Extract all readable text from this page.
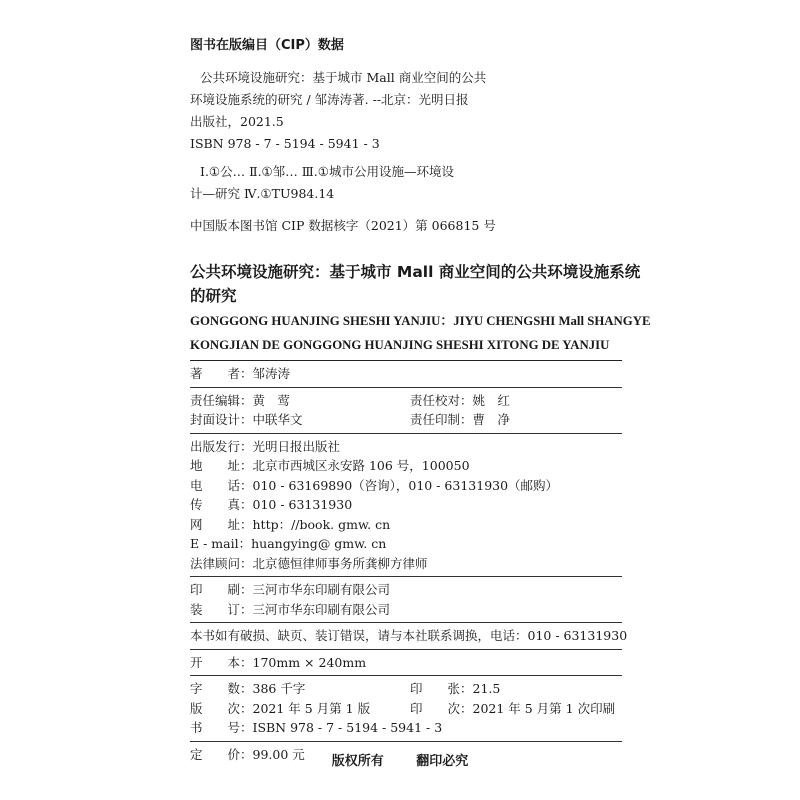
图书在版编目（CIP）数据
公共环境设施研究：基于城市 Mall 商业空间的公共
环境设施系统的研究 / 邹涛涛著. --北京：光明日报
出版社，2021.5
ISBN 978 - 7 - 5194 - 5941 - 3
Ⅰ.①公… Ⅱ.①邹… Ⅲ.①城市公用设施—环境设
计—研究 Ⅳ.①TU984.14
中国版本图书馆 CIP 数据核字（2021）第 066815 号
公共环境设施研究：基于城市 Mall 商业空间的公共环境设施系统
的研究
GONGGONG HUANJING SHESHI YANJIU：JIYU CHENGSHI Mall SHANGYE
KONGJIAN DE GONGGONG HUANJING SHESHI XITONG DE YANJIU
著　　者：邹涛涛
责任编辑：黄　莺	责任校对：姚　红
封面设计：中联华文	责任印制：曹　净
出版发行：光明日报出版社
地　　址：北京市西城区永安路 106 号，100050
电　　话：010 - 63169890（咨询），010 - 63131930（邮购）
传　　真：010 - 63131930
网　　址：http：//book. gmw. cn
E - mail：huangying@ gmw. cn
法律顾问：北京德恒律师事务所龚柳方律师
印　　刷：三河市华东印刷有限公司
装　　订：三河市华东印刷有限公司
本书如有破损、缺页、装订错误，请与本社联系调换，电话：010 - 63131930
开　　本：170mm × 240mm
字　　数：386 千字	印　　张：21.5
版　　次：2021 年 5 月第 1 版	印　　次：2021 年 5 月第 1 次印刷
书　　号：ISBN 978 - 7 - 5194 - 5941 - 3
定　　价：99.00 元	版权所有	翻印必究
